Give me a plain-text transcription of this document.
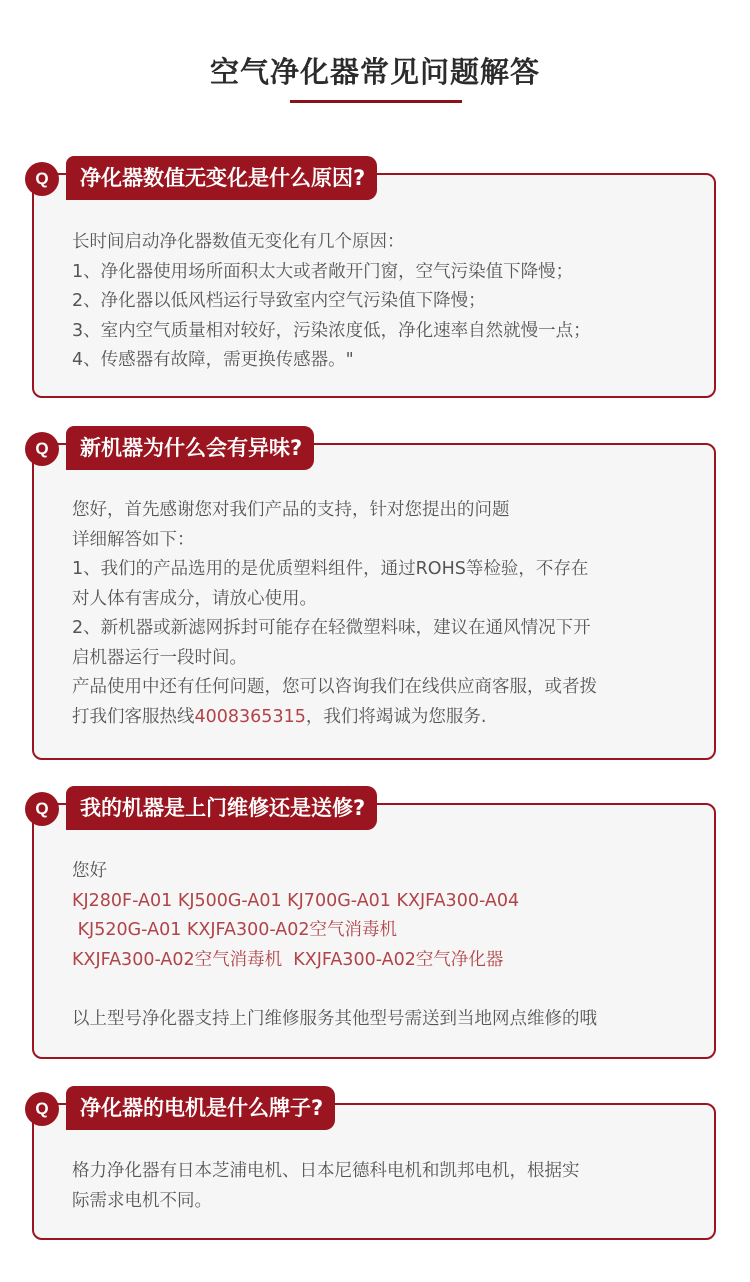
空气净化器常见问题解答
Q	净化器数值无变化是什么原因?
长时间启动净化器数值无变化有几个原因：
1、净化器使用场所面积太大或者敞开门窗，空气污染值下降慢；
2、净化器以低风档运行导致室内空气污染值下降慢；
3、室内空气质量相对较好，污染浓度低，净化速率自然就慢一点；
4、传感器有故障，需更换传感器。"
Q	新机器为什么会有异味?
您好，首先感谢您对我们产品的支持，针对您提出的问题
详细解答如下：
1、我们的产品选用的是优质塑料组件，通过ROHS等检验，不存在
对人体有害成分，请放心使用。
2、新机器或新滤网拆封可能存在轻微塑料味，建议在通风情况下开
启机器运行一段时间。
产品使用中还有任何问题，您可以咨询我们在线供应商客服，或者拨
打我们客服热线4008365315，我们将竭诚为您服务.
Q	我的机器是上门维修还是送修?
您好
KJ280F-A01 KJ500G-A01 KJ700G-A01 KXJFA300-A04
KJ520G-A01 KXJFA300-A02空气消毒机
KXJFA300-A02空气消毒机  KXJFA300-A02空气净化器
以上型号净化器支持上门维修服务其他型号需送到当地网点维修的哦
Q	净化器的电机是什么牌子?
格力净化器有日本芝浦电机、日本尼德科电机和凯邦电机，根据实
际需求电机不同。
